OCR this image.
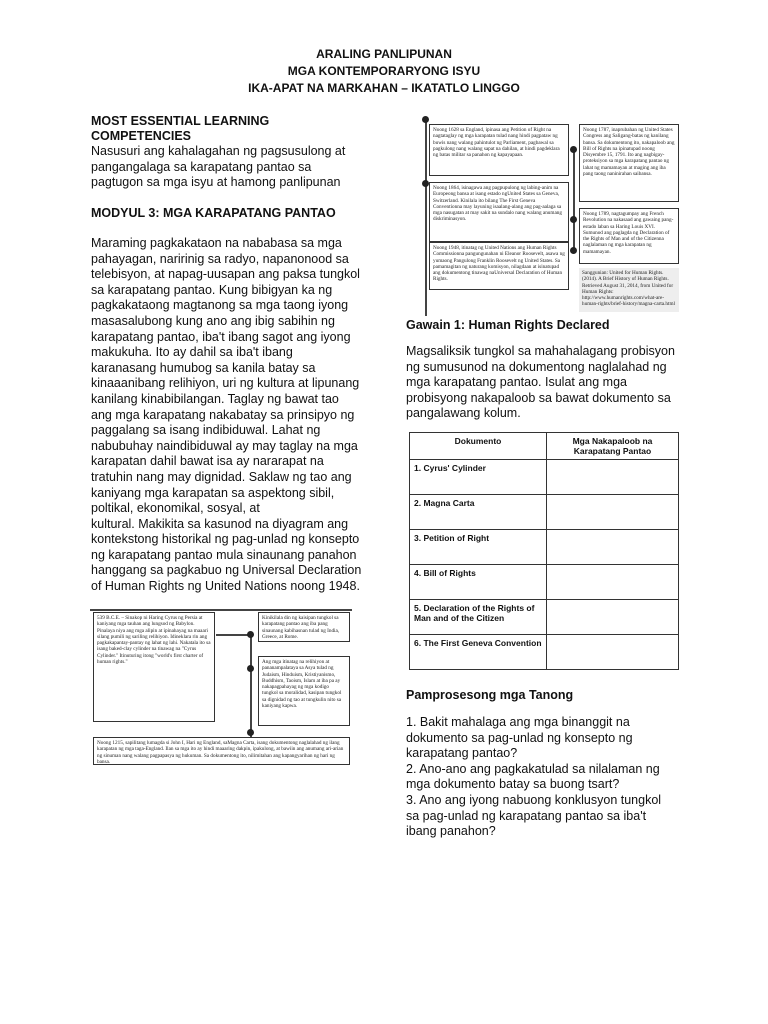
ARALING PANLIPUNAN
MGA KONTEMPORARYONG ISYU
IKA-APAT NA MARKAHAN – IKATATLO LINGGO
MOST ESSENTIAL LEARNING
COMPETENCIES
Nasusuri ang kahalagahan ng pagsusulong at
pangangalaga sa karapatang pantao sa
pagtugon sa mga isyu at hamong panlipunan
MODYUL 3: MGA KARAPATANG PANTAO
Maraming pagkakataon na nababasa sa mga
pahayagan, naririnig sa radyo, napanonood sa
telebisyon, at napag-uusapan ang paksa tungkol
sa karapatang pantao. Kung bibigyan ka ng
pagkakataong magtanong sa mga taong iyong
masasalubong kung ano ang ibig sabihin ng
karapatang pantao, iba't ibang sagot ang iyong
makukuha. Ito ay dahil sa iba't ibang
karanasang humubog sa kanila batay sa
kinaaanibang relihiyon, uri ng kultura at lipunang
kanilang kinabibilangan. Taglay ng bawat tao
ang mga karapatang nakabatay sa prinsipyo ng
paggalang sa isang indibiduwal. Lahat ng
nabubuhay naindibiduwal ay may taglay na mga
karapatan dahil bawat isa ay nararapat na
tratuhin nang may dignidad. Saklaw ng tao ang
kaniyang mga karapatan sa aspektong sibil,
poltikal, ekonomikal, sosyal, at
kultural. Makikita sa kasunod na diyagram ang
kontekstong historikal ng pag-unlad ng konsepto
ng karapatang pantao mula sinaunang panahon
hanggang sa pagkabuo ng Universal Declaration
of Human Rights ng United Nations noong 1948.
539 B.C.E. – Sinakop ni Haring Cyrus ng Persia at kaniyang mga tauhan ang lungsod ng Babylon. Pinalaya niya ang mga alipin at ipinahayag na maaari silang pumili ng sariling relihiyon. Idineklara rin ang pagkakapantay-pantay ng lahat ng lahi. Nakatala ito sa isang baked-clay cylinder na tinawag na "Cyrus Cylinder." Itinuturing itong "world's first charter of human rights."
Kinikilala din ng kaisipan tungkol sa karapatang pantao ang iba pang sinaunang kabihasnan tulad ng India, Greece, at Rome.
Ang mga itinatag na relihiyon at pananampalataya sa Asya tulad ng Judaism, Hinduism, Kristiyanismo, Buddhism, Taoism, Islam at iba pa ay nakapagpahayag ng mga kodigo tungkol sa moralidad, kasipan tungkol sa dignidad ng tao at tungkulin nito sa kaniyang kapwa.
Noong 1215, sapilitang lumagda si John I, Hari ng England, saMagna Carta, isang dokumentong naglalahad ng ilang karapatan ng mga taga-England. Ilan sa mga ito ay hindi maaaring dakpin, ipakulong, at bawiin ang anumang ari-arian ng sinuman nang walang pagpapasya ng hukuman. Sa dokumentong ito, nilimitahan ang kapangyarihan ng hari ng bansa.
Noong 1628 sa England, ipinasa ang Petition of Right na nagtataglay ng mga karapatan tulad nang hindi pagpataw ng buwis nang walang pahintulot ng Parliament, pagbawal sa pagkulong nang walang sapat na dahilan, at hindi pagdeklara ng batas militar sa panahon ng kapayapaan.
Noong 1787, inaprubahan ng United States Congress ang Saligang-batas ng kanilang bansa. Sa dokumentong ito, nakapaloob ang Bill of Rights na ipinatupad noong Disyembre 15, 1791. Ito ang nagbigay-proteksiyon sa mga karapatang pantao ng lahat ng mamamayan at maging ang iba pang taong naninirahan saibansa.
Noong 1864, isinagawa ang pagpupulong ng labing-anim na Europeong bansa at isang estado ngUnited States sa Geneva, Switzerland. Kinilala ito bilang The First Geneva Conventionna may layuning isaalang-alang ang pag-aalaga sa mga nasugatan at may sakit na sundalo nang walang anumang diskriminasyon.
Noong 1789, nagtagumpay ang French Revolution na nakasaad ang gawaing pang-estado laban sa Haring Louis XVI. Sumunod ang paglagda ng Declaration of the Rights of Man and of the Citizenna naglalaman ng mga karapatan ng mamamayan.
Noong 1948, itinatag ng United Nations ang Human Rights Commissionna pangungunahan ni Eleanor Roosevelt, asawa ng yumaong Pangulong Franklin Roosevelt ng United States. Sa pamamagitan ng naturang komisyon, nilagdaan at isinatupad ang dokumentong tinawag naUniversal Declaration of Human Rights.
Sanggunian: United for Human Rights. (2014). A Brief History of Human Rights. Retrieved August 31, 2014, from United for Human Rights: http://www.humanrights.com/what-are-human-rights/brief-history/magna-carta.html
Gawain 1: Human Rights Declared
Magsaliksik tungkol sa mahahalagang probisyon
ng sumusunod na dokumentong naglalahad ng
mga karapatang pantao. Isulat ang mga
probisyong nakapaloob sa bawat dokumento sa
pangalawang kolum.
Dokumento	Mga Nakapaloob na Karapatang Pantao
1. Cyrus' Cylinder	
2. Magna Carta	
3. Petition of Right	
4. Bill of Rights	
5. Declaration of the Rights of Man and of the Citizen	
6. The First Geneva Convention	
Pamprosesong mga Tanong
1. Bakit mahalaga ang mga binanggit na
dokumento sa pag-unlad ng konsepto ng
karapatang pantao?
2. Ano-ano ang pagkakatulad sa nilalaman ng
mga dokumento batay sa buong tsart?
3. Ano ang iyong nabuong konklusyon tungkol
sa pag-unlad ng karapatang pantao sa iba't
ibang panahon?
